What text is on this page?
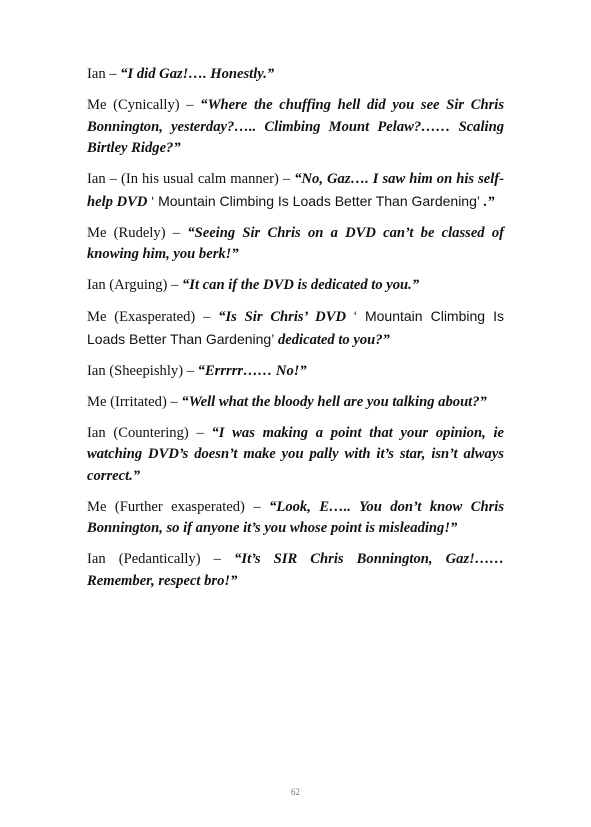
Ian – “I did Gaz!…. Honestly.”

Me (Cynically) – “Where the chuffing hell did you see Sir Chris Bonnington, yesterday?….. Climbing Mount Pelaw?…… Scaling Birtley Ridge?”

Ian – (In his usual calm manner) – “No, Gaz…. I saw him on his self-help DVD ‘ Mountain Climbing Is Loads Better Than Gardening’ .”

Me (Rudely) – “Seeing Sir Chris on a DVD can’t be classed of knowing him, you berk!”

Ian (Arguing) – “It can if the DVD is dedicated to you.”

Me (Exasperated) – “Is Sir Chris’ DVD ‘ Mountain Climbing Is Loads Better Than Gardening’ dedicated to you?”

Ian (Sheepishly) – “Errrrr…… No!”

Me (Irritated) – “Well what the bloody hell are you talking about?”

Ian (Countering) – “I was making a point that your opinion, ie watching DVD’s doesn’t make you pally with it’s star, isn’t always correct.”

Me (Further exasperated) – “Look, E….. You don’t know Chris Bonnington, so if anyone it’s you whose point is misleading!”

Ian (Pedantically) – “It’s SIR Chris Bonnington, Gaz!……Remember, respect bro!”

62
